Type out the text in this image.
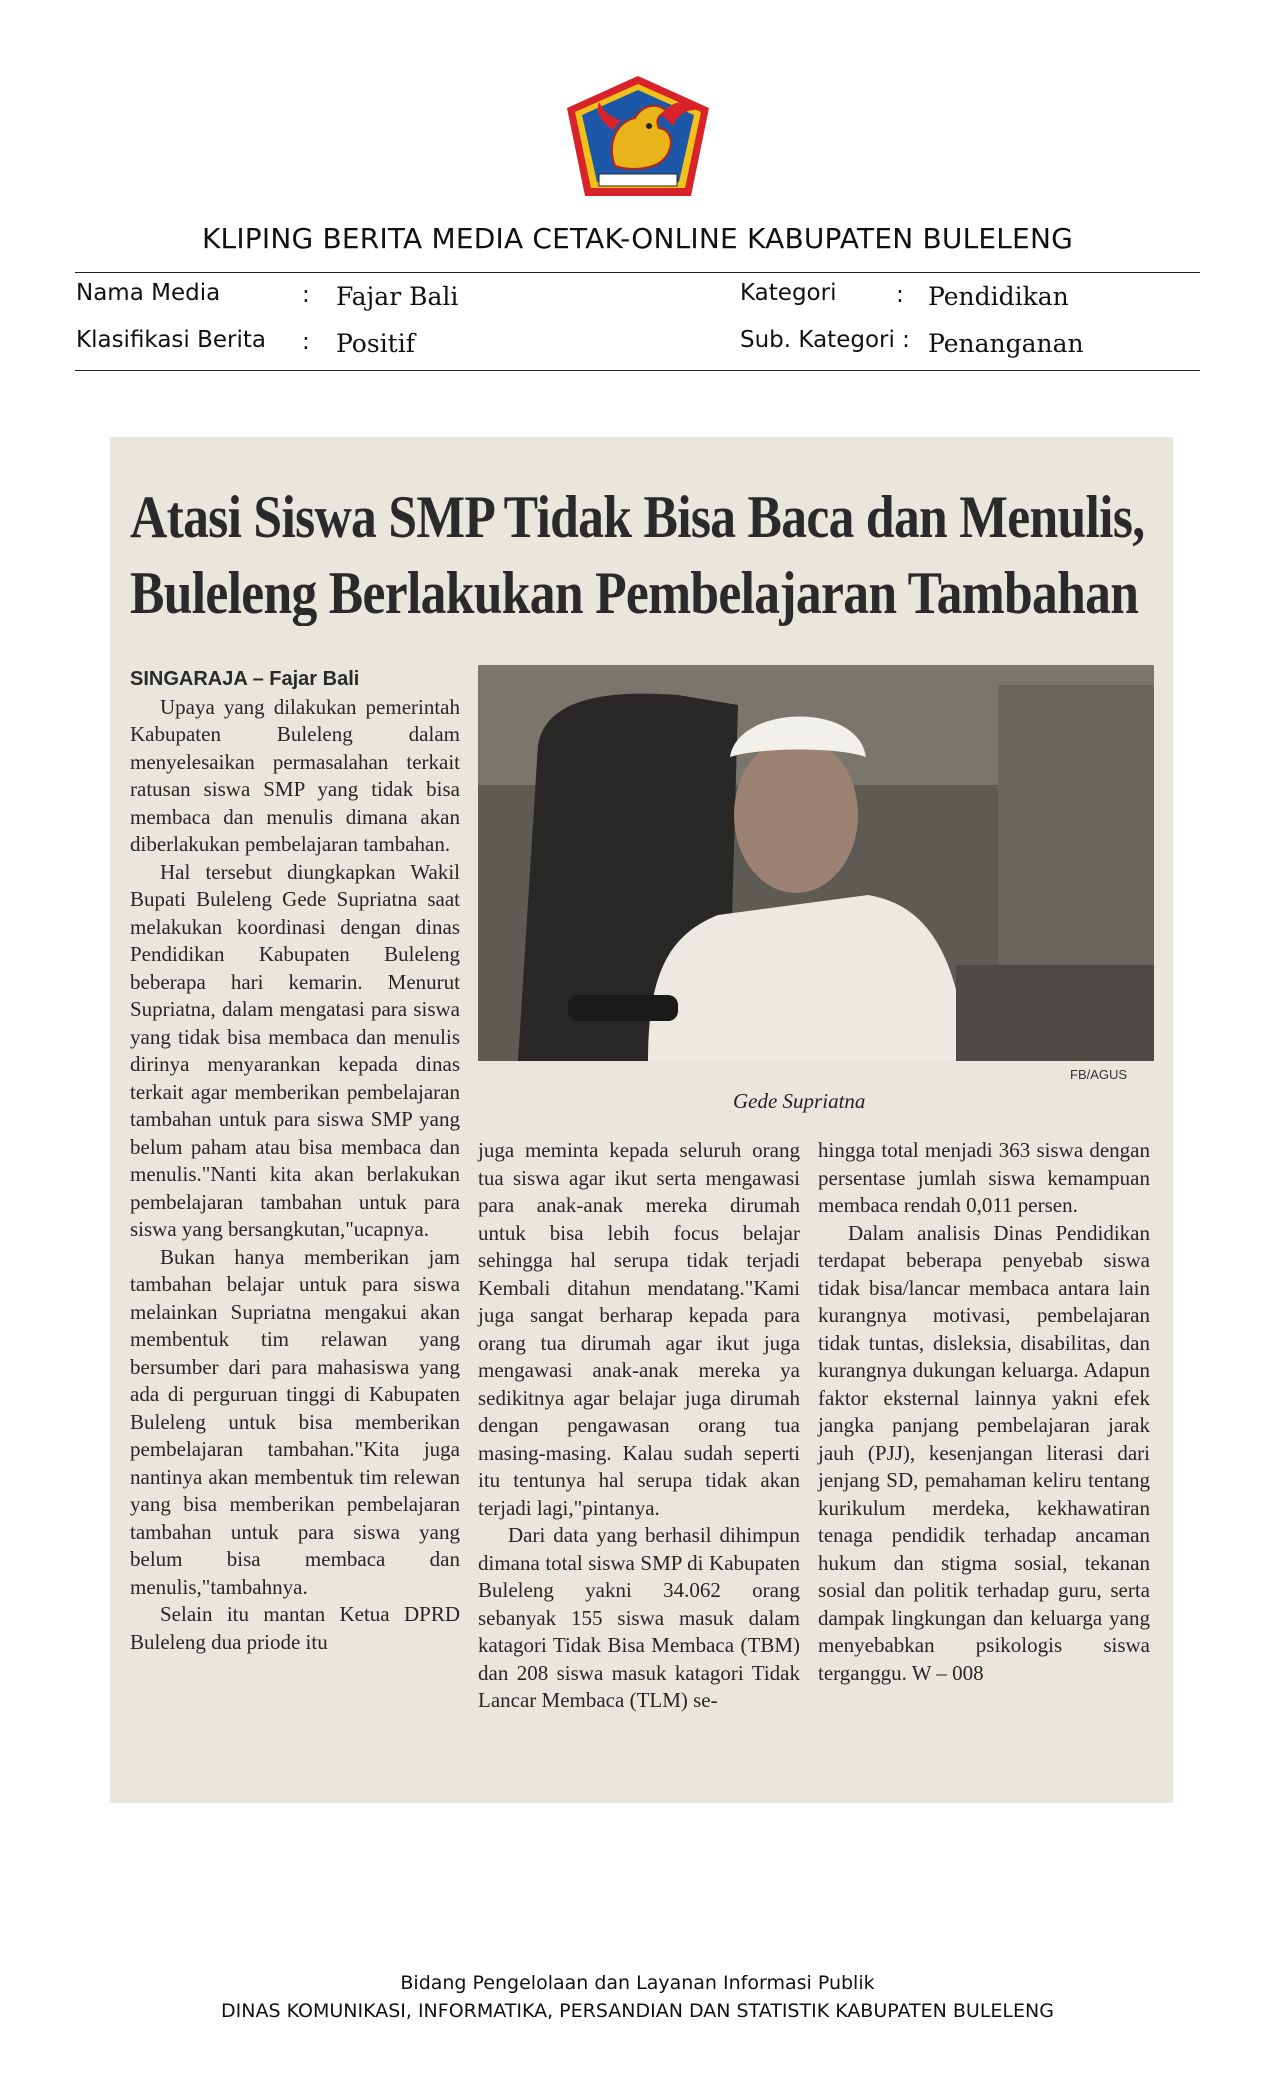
KLIPING BERITA MEDIA CETAK-ONLINE KABUPATEN BULELENG
Nama Media	: Fajar Bali	Kategori	: Pendidikan
Klasifikasi Berita : Positif	Sub. Kategori : Penanganan
Atasi Siswa SMP Tidak Bisa Baca dan Menulis,
Buleleng Berlakukan Pembelajaran Tambahan

SINGARAJA – Fajar Bali

Upaya yang dilakukan pemerintah Kabupaten Buleleng dalam menyelesaikan permasalahan terkait ratusan siswa SMP yang tidak bisa membaca dan menulis dimana akan diberlakukan pembelajaran tambahan.

Hal tersebut diungkapkan Wakil Bupati Buleleng Gede Supriatna saat melakukan koordinasi dengan dinas Pendidikan Kabupaten Buleleng beberapa hari kemarin. Menurut Supriatna, dalam mengatasi para siswa yang tidak bisa membaca dan menulis dirinya menyarankan kepada dinas terkait agar memberikan pembelajaran tambahan untuk para siswa SMP yang belum paham atau bisa membaca dan menulis."Nanti kita akan berlakukan pembelajaran tambahan untuk para siswa yang bersangkutan,"ucapnya.

Bukan hanya memberikan jam tambahan belajar untuk para siswa melainkan Supriatna mengakui akan membentuk tim relawan yang bersumber dari para mahasiswa yang ada di perguruan tinggi di Kabupaten Buleleng untuk bisa memberikan pembelajaran tambahan."Kita juga nantinya akan membentuk tim relewan yang bisa memberikan pembelajaran tambahan untuk para siswa yang belum bisa membaca dan menulis,"tambahnya.

Selain itu mantan Ketua DPRD Buleleng dua priode itu

FB/AGUS
Gede Supriatna

juga meminta kepada seluruh orang tua siswa agar ikut serta mengawasi para anak-anak mereka dirumah untuk bisa lebih focus belajar sehingga hal serupa tidak terjadi Kembali ditahun mendatang."Kami juga sangat berharap kepada para orang tua dirumah agar ikut juga mengawasi anak-anak mereka ya sedikitnya agar belajar juga dirumah dengan pengawasan orang tua masing-masing. Kalau sudah seperti itu tentunya hal serupa tidak akan terjadi lagi,"pintanya.

Dari data yang berhasil dihimpun dimana total siswa SMP di Kabupaten Buleleng yakni 34.062 orang sebanyak 155 siswa masuk dalam katagori Tidak Bisa Membaca (TBM) dan 208 siswa masuk katagori Tidak Lancar Membaca (TLM) se-

hingga total menjadi 363 siswa dengan persentase jumlah siswa kemampuan membaca rendah 0,011 persen.

Dalam analisis Dinas Pendidikan terdapat beberapa penyebab siswa tidak bisa/lancar membaca antara lain kurangnya motivasi, pembelajaran tidak tuntas, disleksia, disabilitas, dan kurangnya dukungan keluarga. Adapun faktor eksternal lainnya yakni efek jangka panjang pembelajaran jarak jauh (PJJ), kesenjangan literasi dari jenjang SD, pemahaman keliru tentang kurikulum merdeka, kekhawatiran tenaga pendidik terhadap ancaman hukum dan stigma sosial, tekanan sosial dan politik terhadap guru, serta dampak lingkungan dan keluarga yang menyebabkan psikologis siswa terganggu. W – 008

Bidang Pengelolaan dan Layanan Informasi Publik
DINAS KOMUNIKASI, INFORMATIKA, PERSANDIAN DAN STATISTIK KABUPATEN BULELENG
